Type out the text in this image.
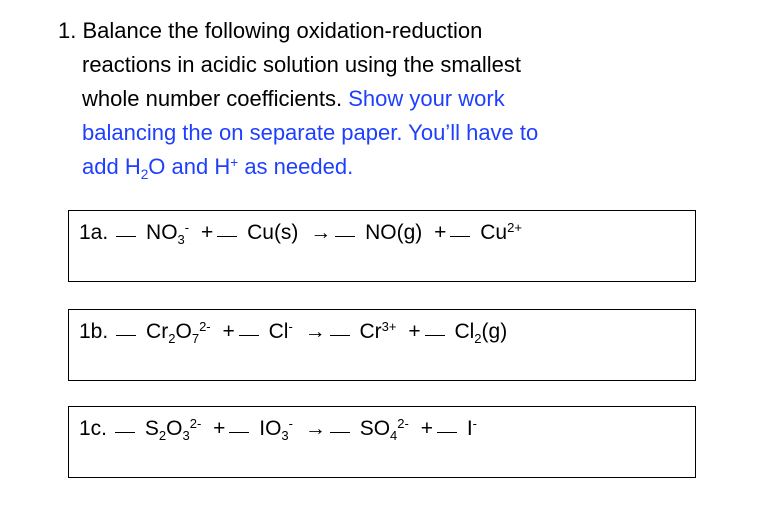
1. Balance the following oxidation-reduction
reactions in acidic solution using the smallest
whole number coefficients. Show your work
balancing the on separate paper. You’ll have to
add $H_2O$ and H+ as needed.
1a. $NO_3^- + Cu(s) \to NO(g) + Cu^{2+}$
1b. $Cr_2O_7^{2-} + Cl^- \to Cr^{3+} + Cl_2(g)$
1c. $S_2O_3^{2-} + IO_3^- \to SO_4^{2-} + I^-$
